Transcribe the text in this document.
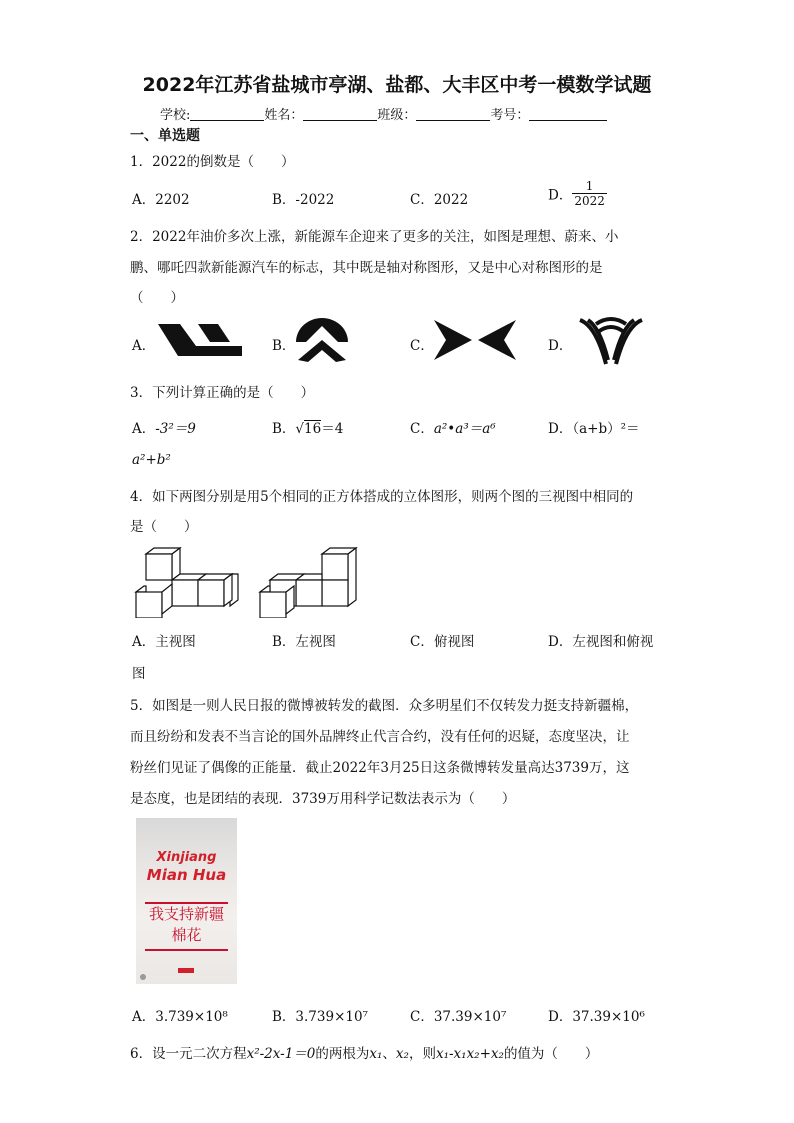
2022年江苏省盐城市亭湖、盐都、大丰区中考一模数学试题
学校:	姓名：	班级：	考号：
一、单选题
1．2022的倒数是（　　）
A．2202	B．-2022	C．2022	D． $\frac{1}{2022}$
2．2022年油价多次上涨，新能源车企迎来了更多的关注，如图是理想、蔚来、小
鹏、哪吒四款新能源汽车的标志，其中既是轴对称图形，又是中心对称图形的是
（　　）
A．	B．	C．	D．
3．下列计算正确的是（　　）
A．-3²＝9	B．√16＝4	C．a²•a³＝a⁶	D．（a+b）²＝
a²+b²
4．如下两图分别是用5个相同的正方体搭成的立体图形，则两个图的三视图中相同的
是（　　）
A．主视图	B．左视图	C．俯视图	D．左视图和俯视
图
5．如图是一则人民日报的微博被转发的截图．众多明星们不仅转发力挺支持新疆棉，
而且纷纷和发表不当言论的国外品牌终止代言合约，没有任何的迟疑，态度坚决，让
粉丝们见证了偶像的正能量．截止2022年3月25日这条微博转发量高达3739万，这
是态度，也是团结的表现．3739万用科学记数法表示为（　　）
Xinjiang
Mian Hua
我支持新疆棉花
A．3.739×10⁸	B．3.739×10⁷	C．37.39×10⁷	D．37.39×10⁶
6．设一元二次方程x²-2x-1＝0的两根为x₁、x₂，则x₁-x₁x₂+x₂的值为（　　）
